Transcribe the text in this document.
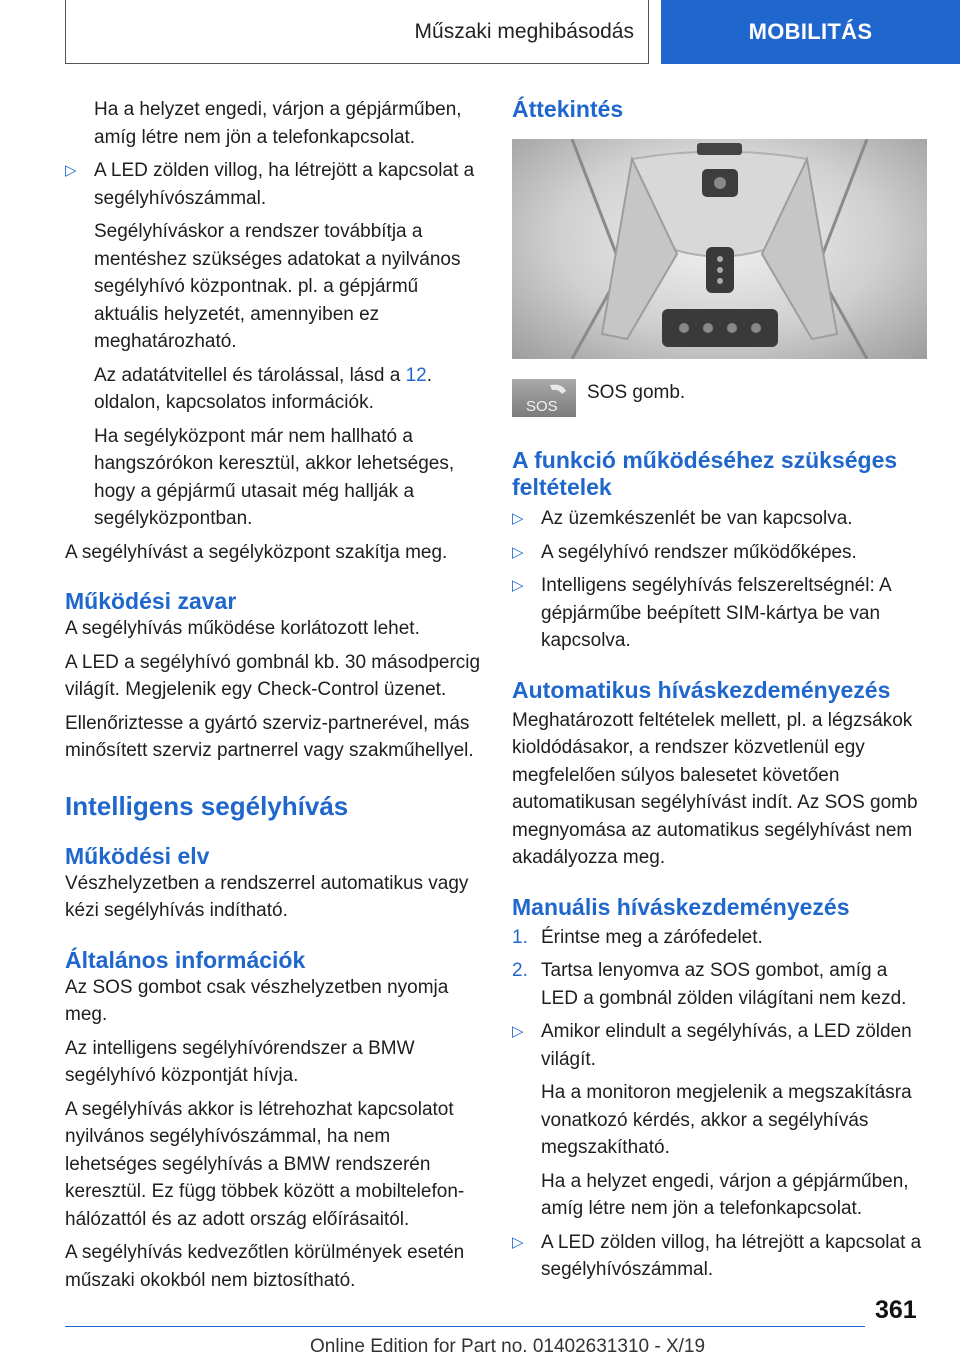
Műszaki meghibásodás	MOBILITÁS

Ha a helyzet engedi, várjon a gépjárműben, amíg létre nem jön a telefonkapcsolat.

▷ A LED zölden villog, ha létrejött a kapcsolat a segélyhívószámmal.

Segélyhíváskor a rendszer továbbítja a mentéshez szükséges adatokat a nyilvános segélyhívó központnak. pl. a gépjármű aktuális helyzetét, amennyiben ez meghatározható.

Az adatátvitellel és tárolással, lásd a 12. oldalon, kapcsolatos információk.

Ha segélyközpont már nem hallható a hangszórókon keresztül, akkor lehetséges, hogy a gépjármű utasait még hallják a segélyközpontban.

A segélyhívást a segélyközpont szakítja meg.

Működési zavar

A segélyhívás működése korlátozott lehet.

A LED a segélyhívó gombnál kb. 30 másodpercig világít. Megjelenik egy Check-Control üzenet.

Ellenőriztesse a gyártó szerviz-partnerével, más minősített szerviz partnerrel vagy szakműhellyel.

Intelligens segélyhívás
Működési elv

Vészhelyzetben a rendszerrel automatikus vagy kézi segélyhívás indítható.

Általános információk

Az SOS gombot csak vészhelyzetben nyomja meg.

Az intelligens segélyhívórendszer a BMW segélyhívó központját hívja.

A segélyhívás akkor is létrehozhat kapcsolatot nyilvános segélyhívószámmal, ha nem lehetséges segélyhívás a BMW rendszerén keresztül. Ez függ többek között a mobiltelefon-hálózattól és az adott ország előírásaitól.

A segélyhívás kedvezőtlen körülmények esetén műszaki okokból nem biztosítható.

Áttekintés
SOS

SOS gomb.

A funkció működéséhez szükséges feltételek
▷ Az üzemkészenlét be van kapcsolva.

▷ A segélyhívó rendszer működőképes.

▷ Intelligens segélyhívás felszereltségnél: A gépjárműbe beépített SIM-kártya be van kapcsolva.

Automatikus híváskezdeményezés

Meghatározott feltételek mellett, pl. a légzsákok kioldódásakor, a rendszer közvetlenül egy megfelelően súlyos balesetet követően automatikusan segélyhívást indít. Az SOS gomb megnyomása az automatikus segélyhívást nem akadályozza meg.

Manuális híváskezdeményezés
1. Érintse meg a zárófedelet.

2. Tartsa lenyomva az SOS gombot, amíg a LED a gombnál zölden világítani nem kezd.

▷ Amikor elindult a segélyhívás, a LED zölden világít.

Ha a monitoron megjelenik a megszakításra vonatkozó kérdés, akkor a segélyhívás megszakítható.

Ha a helyzet engedi, várjon a gépjárműben, amíg létre nem jön a telefonkapcsolat.

▷ A LED zölden villog, ha létrejött a kapcsolat a segélyhívószámmal.

361
Online Edition for Part no. 01402631310 - X/19
